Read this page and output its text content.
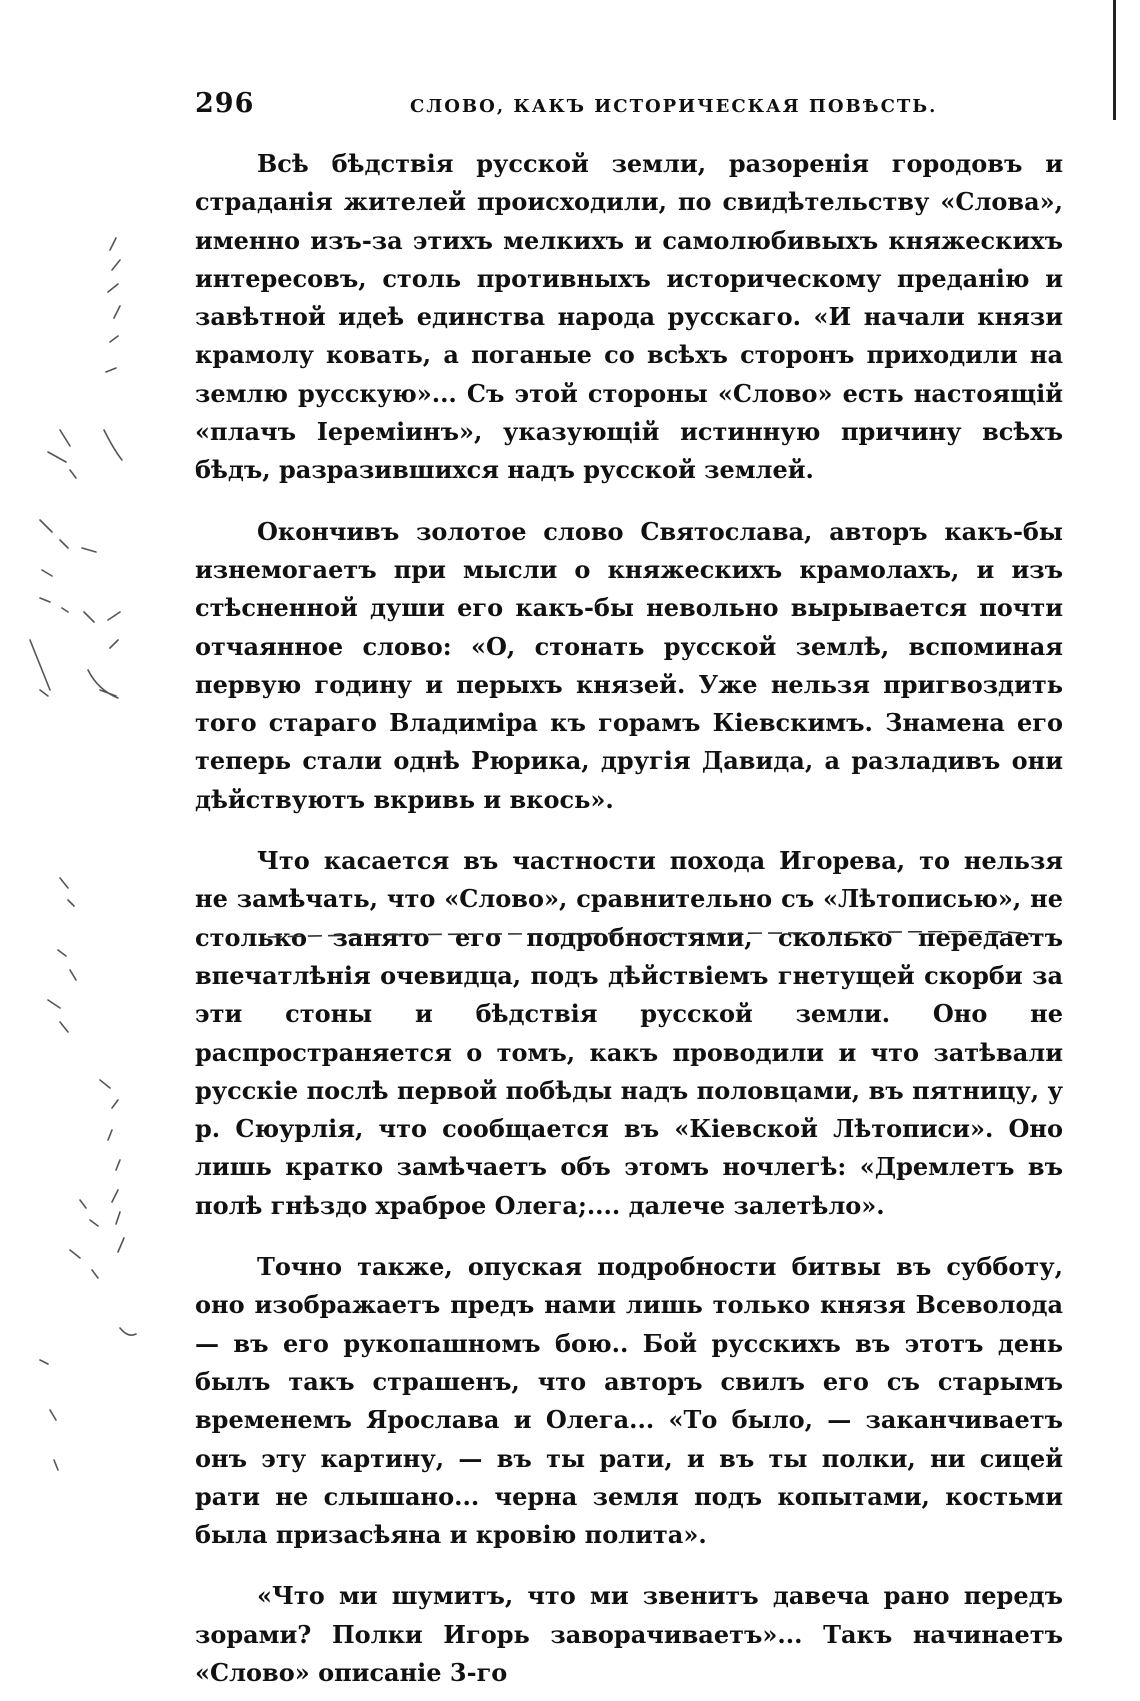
296	СЛОВО, КАКЪ ИСТОРИЧЕСКАЯ ПОВѢСТЬ.

Всѣ бѣдствія русской земли, разоренія городовъ и страданія жителей происходили, по свидѣтельству «Слова», именно изъ-за этихъ мелкихъ и самолюбивыхъ княжескихъ интересовъ, столь противныхъ историческому преданію и завѣтной идеѣ единства народа русскаго. «И начали князи крамолу ковать, а поганые со всѣхъ сторонъ приходили на землю русскую»... Съ этой стороны «Слово» есть настоящій «плачъ Іереміинъ», указующій истинную причину всѣхъ бѣдъ, разразившихся надъ русской землей.

Окончивъ золотое слово Святослава, авторъ какъ-бы изнемогаетъ при мысли о княжескихъ крамолахъ, и изъ стѣсненной души его какъ-бы невольно вырывается почти отчаянное слово: «О, стонать русской землѣ, вспоминая первую годину и перыхъ князей. Уже нельзя пригвоздить того стараго Владиміра къ горамъ Кіевскимъ. Знамена его теперь стали однѣ Рюрика, другія Давида, а разладивъ они дѣйствуютъ вкривь и вкось».

Что касается въ частности похода Игорева, то нельзя не замѣчать, что «Слово», сравнительно съ «Лѣтописью», не столько занято его подробностями, сколько передаетъ впечатлѣнія очевидца, подъ дѣйствіемъ гнетущей скорби за эти стоны и бѣдствія русской земли. Оно не распространяется о томъ, какъ проводили и что затѣвали русскіе послѣ первой побѣды надъ половцами, въ пятницу, у р. Сюурлія, что сообщается въ «Кіевской Лѣтописи». Оно лишь кратко замѣчаетъ объ этомъ ночлегѣ: «Дремлетъ въ полѣ гнѣздо храброе Олега;.... далече залетѣло».

Точно также, опуская подробности битвы въ субботу, оно изображаетъ предъ нами лишь только князя Всеволода — въ его рукопашномъ бою.. Бой русскихъ въ этотъ день былъ такъ страшенъ, что авторъ свилъ его съ старымъ временемъ Ярослава и Олега... «То было, — заканчиваетъ онъ эту картину, — въ ты рати, и въ ты полки, ни сицей рати не слышано... черна земля подъ копытами, костьми была призасѣяна и кровію полита».

«Что ми шумитъ, что ми звенитъ давеча рано передъ зорами? Полки Игорь заворачиваетъ»... Такъ начинаетъ «Слово» описаніе 3-го
